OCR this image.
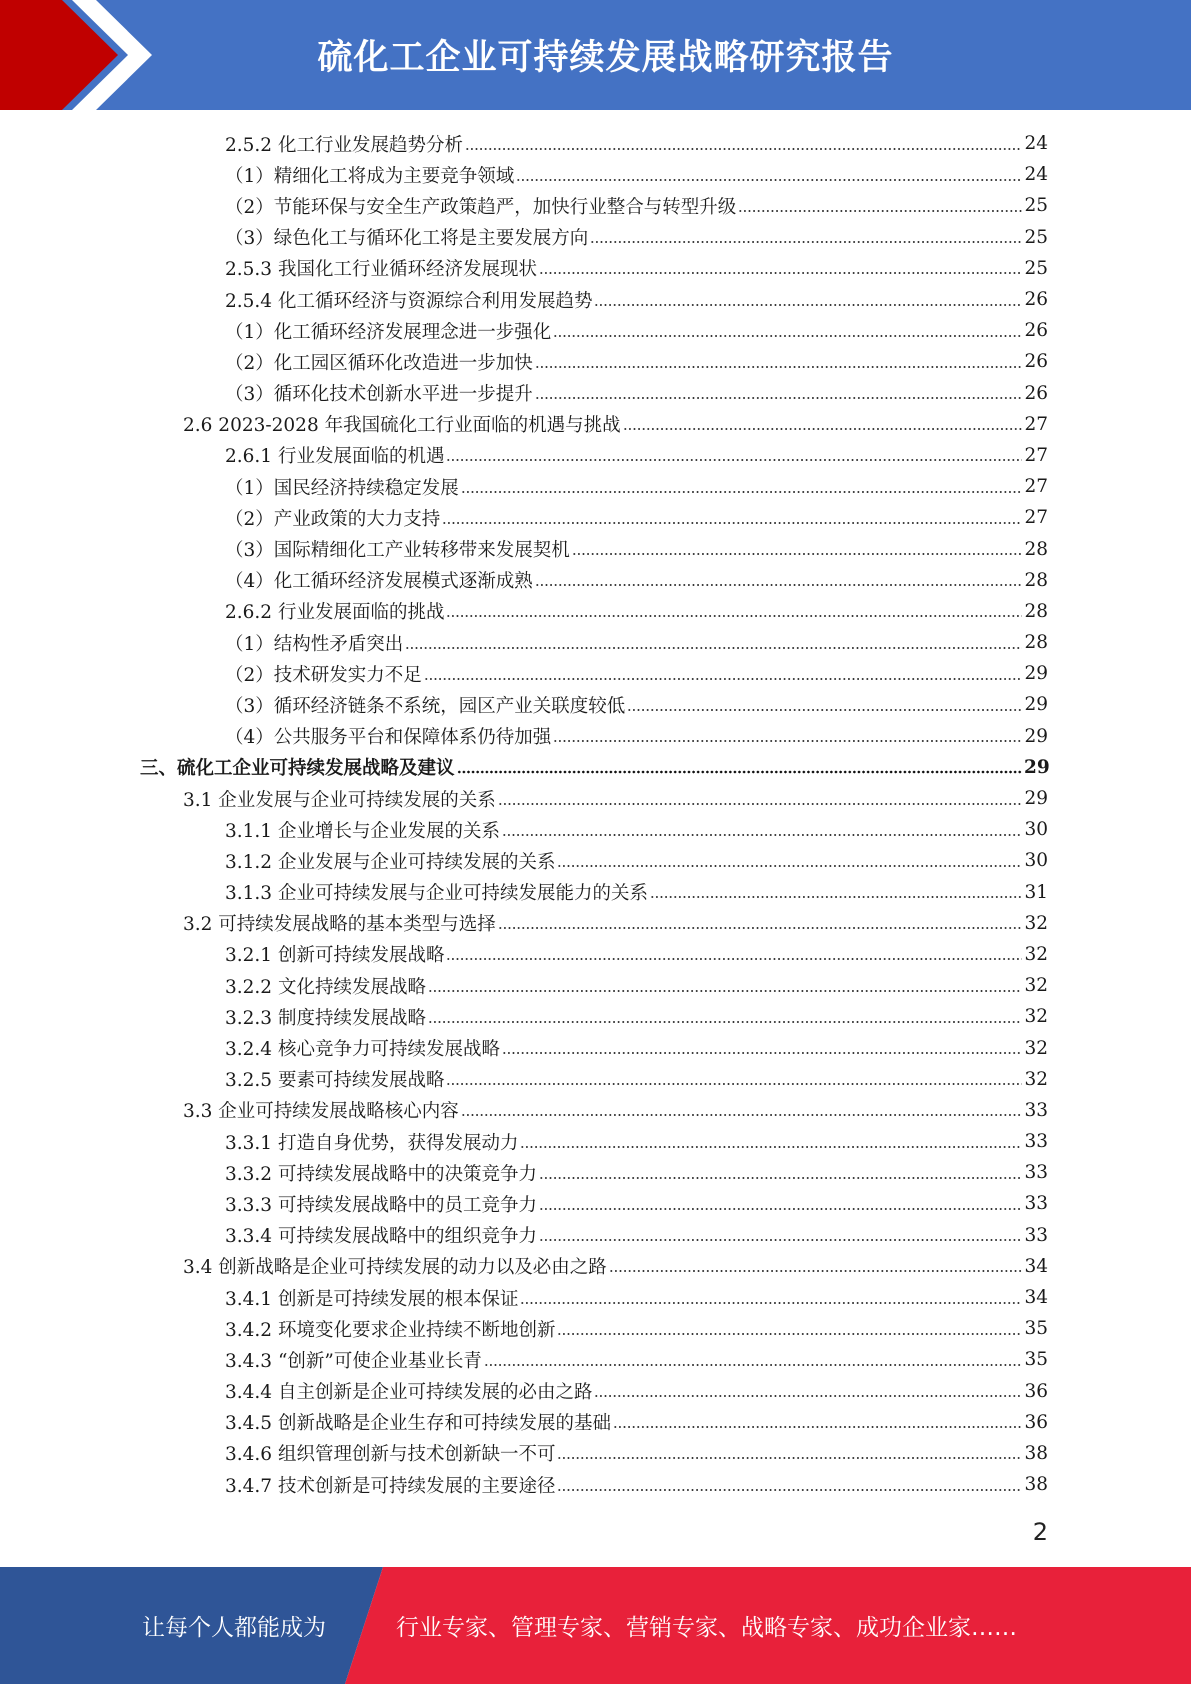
硫化工企业可持续发展战略研究报告
2.5.2 化工行业发展趋势分析	24
（1）精细化工将成为主要竞争领域	24
（2）节能环保与安全生产政策趋严，加快行业整合与转型升级	25
（3）绿色化工与循环化工将是主要发展方向	25
2.5.3 我国化工行业循环经济发展现状	25
2.5.4 化工循环经济与资源综合利用发展趋势	26
（1）化工循环经济发展理念进一步强化	26
（2）化工园区循环化改造进一步加快	26
（3）循环化技术创新水平进一步提升	26
2.6 2023-2028 年我国硫化工行业面临的机遇与挑战	27
2.6.1 行业发展面临的机遇	27
（1）国民经济持续稳定发展	27
（2）产业政策的大力支持	27
（3）国际精细化工产业转移带来发展契机	28
（4）化工循环经济发展模式逐渐成熟	28
2.6.2 行业发展面临的挑战	28
（1）结构性矛盾突出	28
（2）技术研发实力不足	29
（3）循环经济链条不系统，园区产业关联度较低	29
（4）公共服务平台和保障体系仍待加强	29
三、硫化工企业可持续发展战略及建议	29
3.1 企业发展与企业可持续发展的关系	29
3.1.1 企业增长与企业发展的关系	30
3.1.2 企业发展与企业可持续发展的关系	30
3.1.3 企业可持续发展与企业可持续发展能力的关系	31
3.2 可持续发展战略的基本类型与选择	32
3.2.1 创新可持续发展战略	32
3.2.2 文化持续发展战略	32
3.2.3 制度持续发展战略	32
3.2.4 核心竞争力可持续发展战略	32
3.2.5 要素可持续发展战略	32
3.3 企业可持续发展战略核心内容	33
3.3.1 打造自身优势，获得发展动力	33
3.3.2 可持续发展战略中的决策竞争力	33
3.3.3 可持续发展战略中的员工竞争力	33
3.3.4 可持续发展战略中的组织竞争力	33
3.4 创新战略是企业可持续发展的动力以及必由之路	34
3.4.1 创新是可持续发展的根本保证	34
3.4.2 环境变化要求企业持续不断地创新	35
3.4.3 “创新”可使企业基业长青	35
3.4.4 自主创新是企业可持续发展的必由之路	36
3.4.5 创新战略是企业生存和可持续发展的基础	36
3.4.6 组织管理创新与技术创新缺一不可	38
3.4.7 技术创新是可持续发展的主要途径	38
2
让每个人都能成为	行业专家、管理专家、营销专家、战略专家、成功企业家……
